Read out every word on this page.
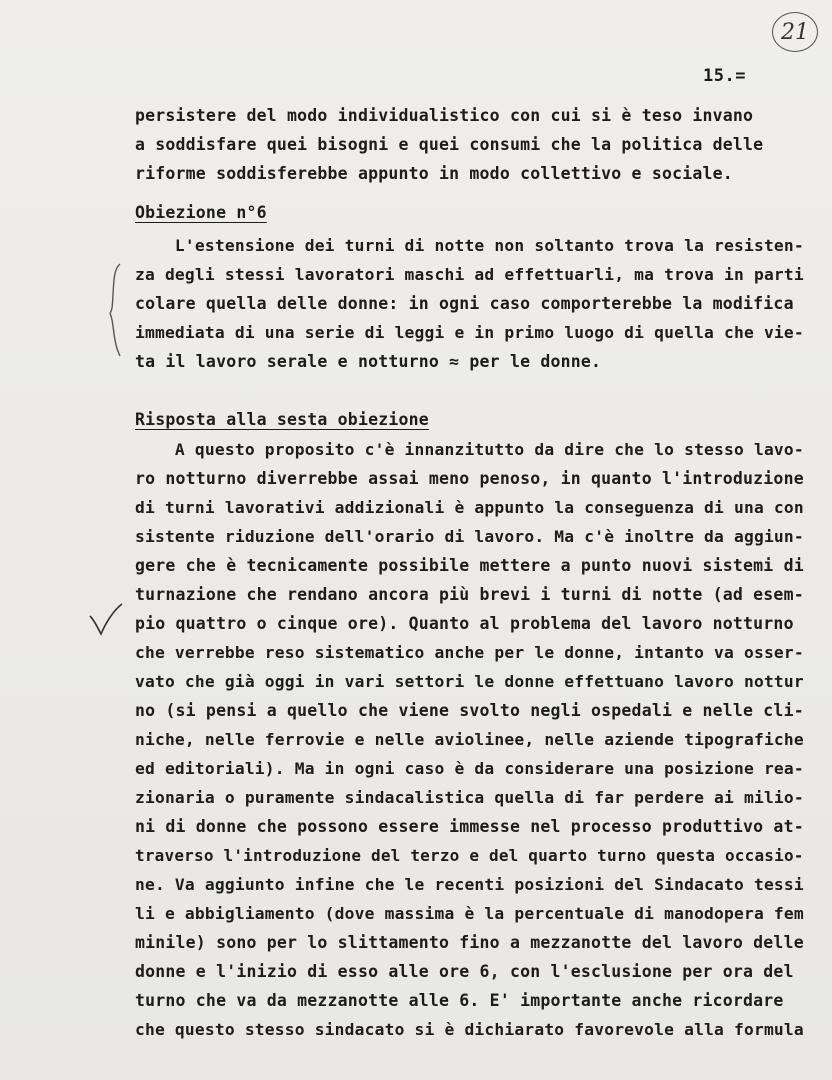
21
15.=
persistere del modo individualistico con cui si è teso invano
a soddisfare quei bisogni e quei consumi che la politica delle
riforme soddisferebbe appunto in modo collettivo e sociale.
Obiezione n°6
L'estensione dei turni di notte non soltanto trova la resisten-
za degli stessi lavoratori maschi ad effettuarli, ma trova in parti
colare quella delle donne: in ogni caso comporterebbe la modifica
immediata di una serie di leggi e in primo luogo di quella che vie-
ta il lavoro serale e notturno ≈ per le donne.
Risposta alla sesta obiezione
A questo proposito c'è innanzitutto da dire che lo stesso lavo-
ro notturno diverrebbe assai meno penoso, in quanto l'introduzione
di turni lavorativi addizionali è appunto la conseguenza di una con
sistente riduzione dell'orario di lavoro. Ma c'è inoltre da aggiun-
gere che è tecnicamente possibile mettere a punto nuovi sistemi di
turnazione che rendano ancora più brevi i turni di notte (ad esem-
pio quattro o cinque ore). Quanto al problema del lavoro notturno
che verrebbe reso sistematico anche per le donne, intanto va osser-
vato che già oggi in vari settori le donne effettuano lavoro nottur
no (si pensi a quello che viene svolto negli ospedali e nelle cli-
niche, nelle ferrovie e nelle aviolinee, nelle aziende tipografiche
ed editoriali). Ma in ogni caso è da considerare una posizione rea-
zionaria o puramente sindacalistica quella di far perdere ai milio-
ni di donne che possono essere immesse nel processo produttivo at-
traverso l'introduzione del terzo e del quarto turno questa occasio-
ne. Va aggiunto infine che le recenti posizioni del Sindacato tessi
li e abbigliamento (dove massima è la percentuale di manodopera fem
minile) sono per lo slittamento fino a mezzanotte del lavoro delle
donne e l'inizio di esso alle ore 6, con l'esclusione per ora del
turno che va da mezzanotte alle 6. E' importante anche ricordare
che questo stesso sindacato si è dichiarato favorevole alla formula
